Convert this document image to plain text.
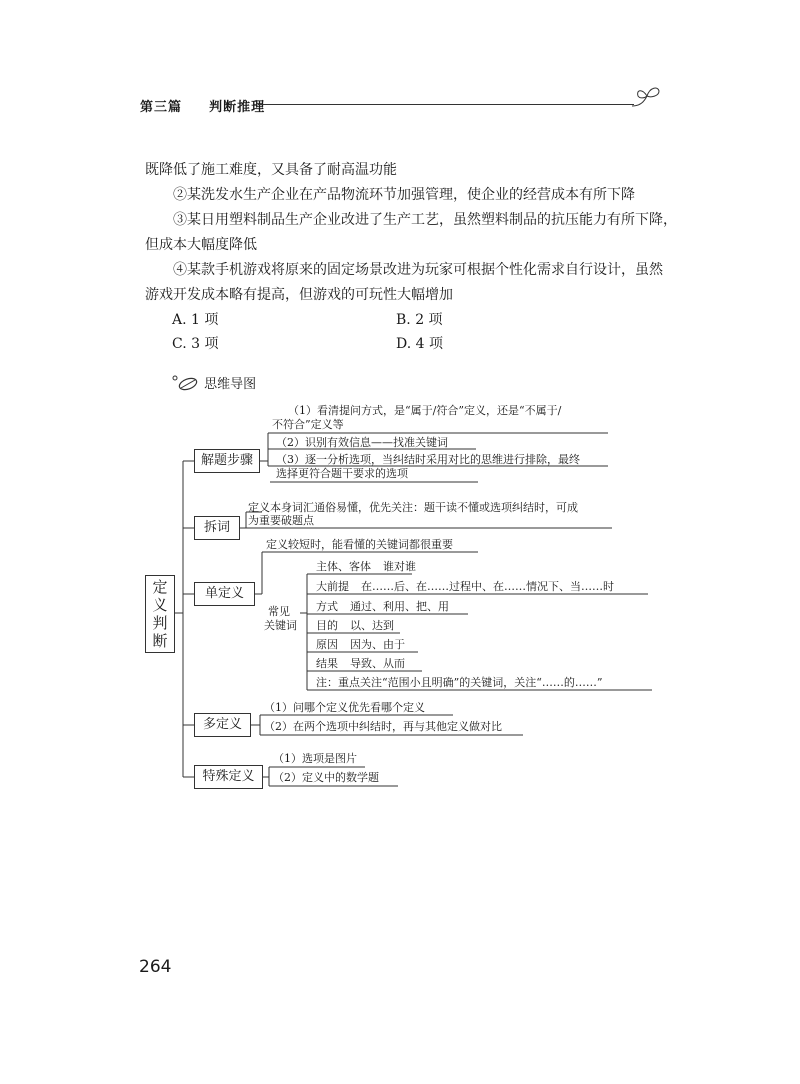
第三篇 判断推理
既降低了施工难度，又具备了耐高温功能
②某洗发水生产企业在产品物流环节加强管理，使企业的经营成本有所下降
③某日用塑料制品生产企业改进了生产工艺，虽然塑料制品的抗压能力有所下降，
但成本大幅度降低
④某款手机游戏将原来的固定场景改进为玩家可根据个性化需求自行设计，虽然
游戏开发成本略有提高，但游戏的可玩性大幅增加
A. 1 项	B. 2 项
C. 3 项	D. 4 项
思维导图
定
义
判
断
解题步骤
（1）看清提问方式，是“属于/符合”定义，还是“不属于/
不符合”定义等
（2）识别有效信息——找准关键词
（3）逐一分析选项，当纠结时采用对比的思维进行排除，最终
选择更符合题干要求的选项
拆词
定义本身词汇通俗易懂，优先关注：题干读不懂或选项纠结时，可成
为重要破题点
单定义
定义较短时，能看懂的关键词都很重要
常见
关键词
主体、客体 谁对谁
大前提 在……后、在……过程中、在……情况下、当……时
方式 通过、利用、把、用
目的 以、达到
原因 因为、由于
结果 导致、从而
注：重点关注“范围小且明确”的关键词，关注“……的……”
多定义
（1）问哪个定义优先看哪个定义
（2）在两个选项中纠结时，再与其他定义做对比
特殊定义
（1）选项是图片
（2）定义中的数学题
264
